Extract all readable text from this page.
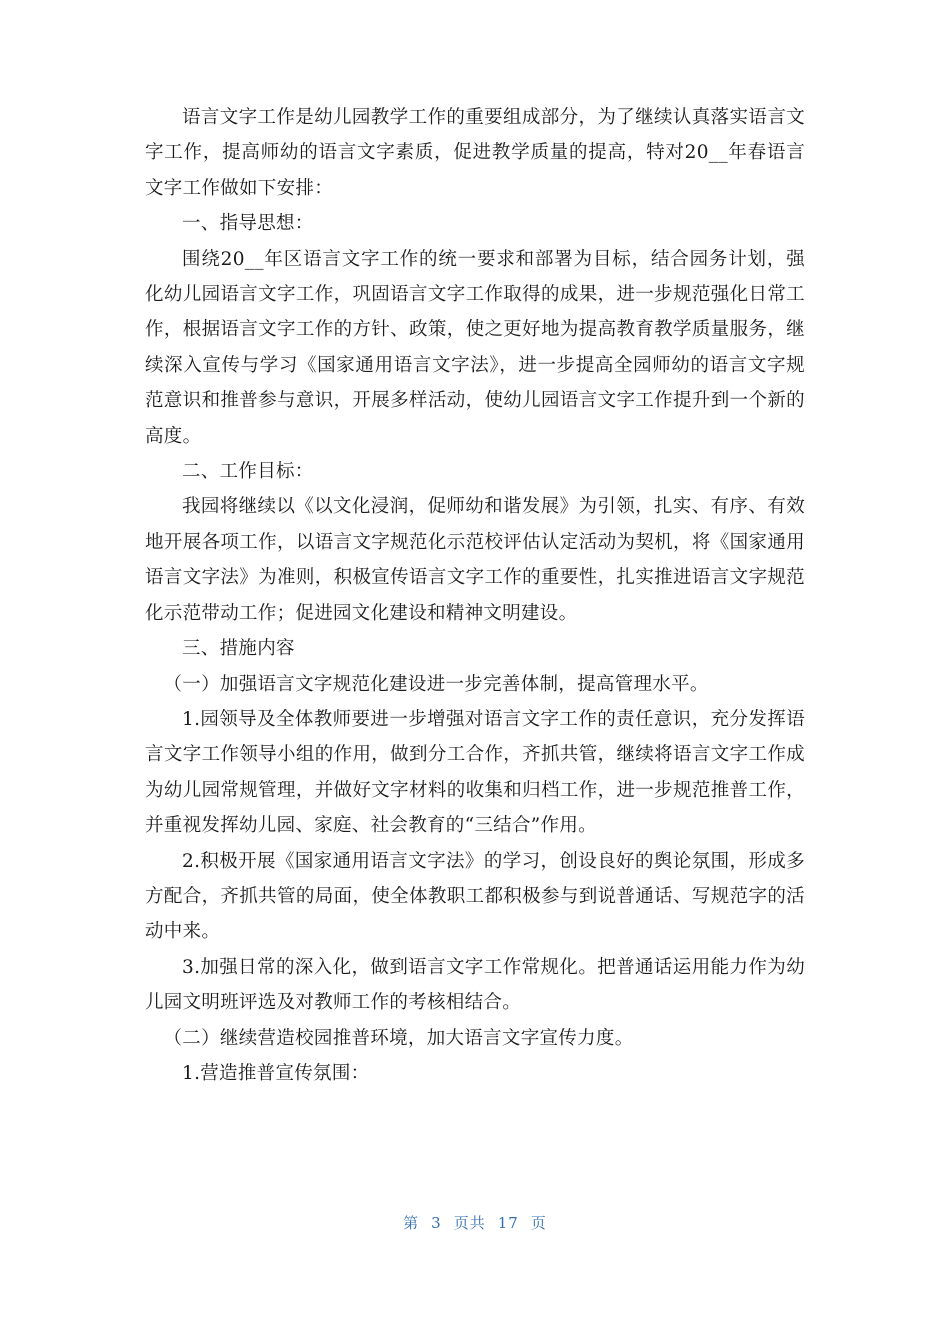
语言文字工作是幼儿园教学工作的重要组成部分，为了继续认真落实语言文字工作，提高师幼的语言文字素质，促进教学质量的提高，特对20__年春语言文字工作做如下安排：

一、指导思想：

围绕20__年区语言文字工作的统一要求和部署为目标，结合园务计划，强化幼儿园语言文字工作，巩固语言文字工作取得的成果，进一步规范强化日常工作，根据语言文字工作的方针、政策，使之更好地为提高教育教学质量服务，继续深入宣传与学习《国家通用语言文字法》，进一步提高全园师幼的语言文字规范意识和推普参与意识，开展多样活动，使幼儿园语言文字工作提升到一个新的高度。

二、工作目标：

我园将继续以《以文化浸润，促师幼和谐发展》为引领，扎实、有序、有效地开展各项工作，以语言文字规范化示范校评估认定活动为契机，将《国家通用语言文字法》为准则，积极宣传语言文字工作的重要性，扎实推进语言文字规范化示范带动工作；促进园文化建设和精神文明建设。

三、措施内容

（一）加强语言文字规范化建设进一步完善体制，提高管理水平。

1.园领导及全体教师要进一步增强对语言文字工作的责任意识，充分发挥语言文字工作领导小组的作用，做到分工合作，齐抓共管，继续将语言文字工作成为幼儿园常规管理，并做好文字材料的收集和归档工作，进一步规范推普工作，并重视发挥幼儿园、家庭、社会教育的“三结合”作用。

2.积极开展《国家通用语言文字法》的学习，创设良好的舆论氛围，形成多方配合，齐抓共管的局面，使全体教职工都积极参与到说普通话、写规范字的活动中来。

3.加强日常的深入化，做到语言文字工作常规化。把普通话运用能力作为幼儿园文明班评选及对教师工作的考核相结合。

（二）继续营造校园推普环境，加大语言文字宣传力度。

1.营造推普宣传氛围：

第 3 页共 17 页
